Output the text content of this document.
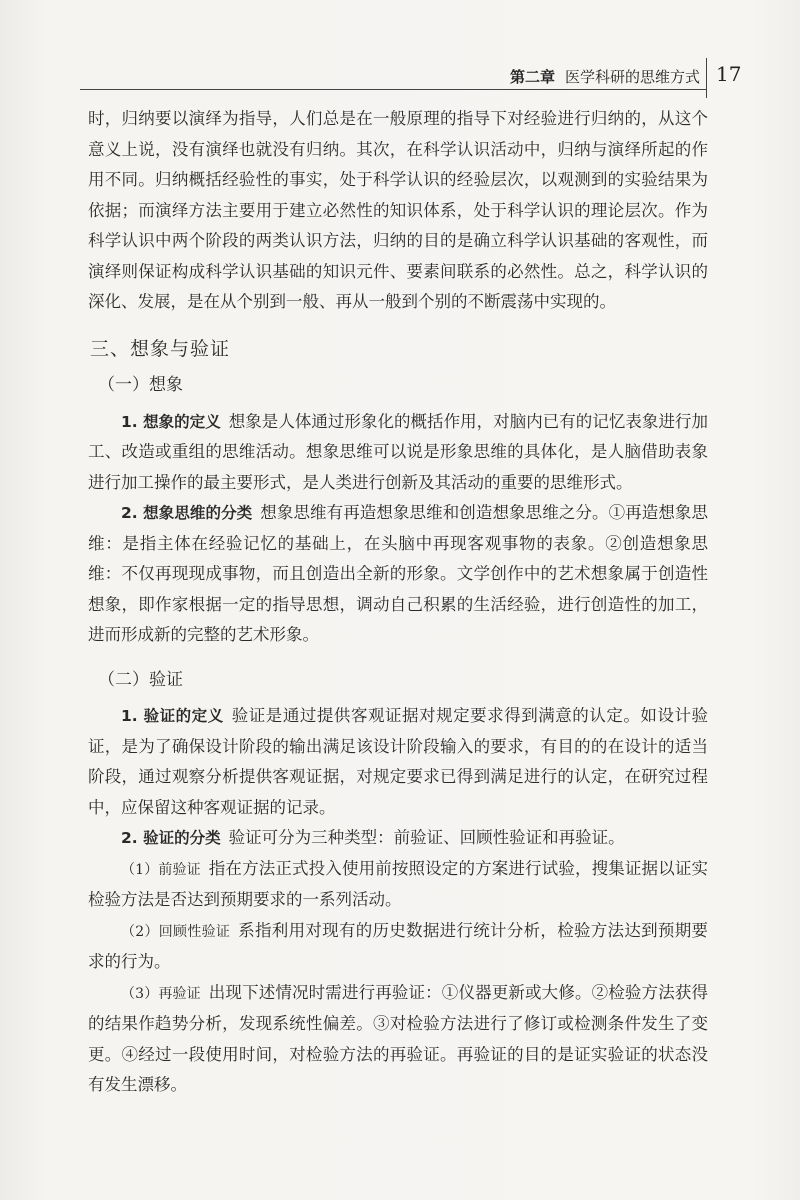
第二章 医学科研的思维方式 17

时，归纳要以演绎为指导，人们总是在一般原理的指导下对经验进行归纳的，从这个意义上说，没有演绎也就没有归纳。其次，在科学认识活动中，归纳与演绎所起的作用不同。归纳概括经验性的事实，处于科学认识的经验层次，以观测到的实验结果为依据；而演绎方法主要用于建立必然性的知识体系，处于科学认识的理论层次。作为科学认识中两个阶段的两类认识方法，归纳的目的是确立科学认识基础的客观性，而演绎则保证构成科学认识基础的知识元件、要素间联系的必然性。总之，科学认识的深化、发展，是在从个别到一般、再从一般到个别的不断震荡中实现的。

三、想象与验证
（一）想象

1. 想象的定义 想象是人体通过形象化的概括作用，对脑内已有的记忆表象进行加工、改造或重组的思维活动。想象思维可以说是形象思维的具体化，是人脑借助表象进行加工操作的最主要形式，是人类进行创新及其活动的重要的思维形式。

2. 想象思维的分类 想象思维有再造想象思维和创造想象思维之分。①再造想象思维：是指主体在经验记忆的基础上，在头脑中再现客观事物的表象。②创造想象思维：不仅再现现成事物，而且创造出全新的形象。文学创作中的艺术想象属于创造性想象，即作家根据一定的指导思想，调动自己积累的生活经验，进行创造性的加工，进而形成新的完整的艺术形象。

（二）验证

1. 验证的定义 验证是通过提供客观证据对规定要求得到满意的认定。如设计验证，是为了确保设计阶段的输出满足该设计阶段输入的要求，有目的的在设计的适当阶段，通过观察分析提供客观证据，对规定要求已得到满足进行的认定，在研究过程中，应保留这种客观证据的记录。

2. 验证的分类 验证可分为三种类型：前验证、回顾性验证和再验证。

（1）前验证 指在方法正式投入使用前按照设定的方案进行试验，搜集证据以证实检验方法是否达到预期要求的一系列活动。

（2）回顾性验证 系指利用对现有的历史数据进行统计分析，检验方法达到预期要求的行为。

（3）再验证 出现下述情况时需进行再验证：①仪器更新或大修。②检验方法获得的结果作趋势分析，发现系统性偏差。③对检验方法进行了修订或检测条件发生了变更。④经过一段使用时间，对检验方法的再验证。再验证的目的是证实验证的状态没有发生漂移。
